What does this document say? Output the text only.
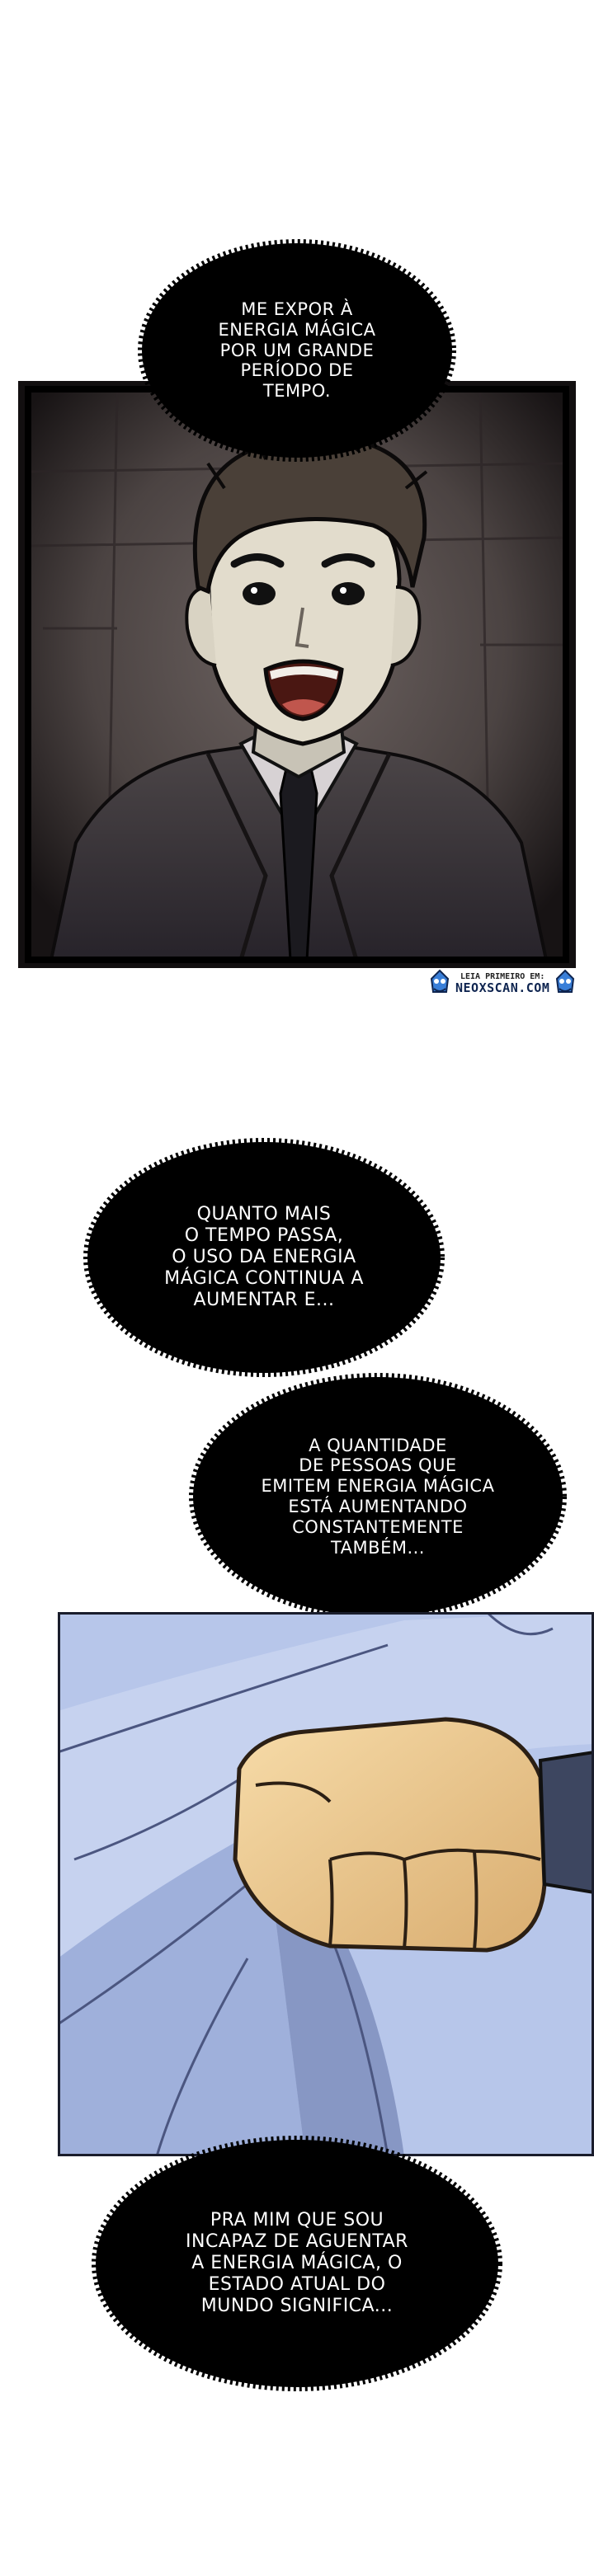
ME EXPOR À
ENERGIA MÁGICA
POR UM GRANDE
PERÍODO DE
TEMPO.
LEIA PRIMEIRO EM:
NEOXSCAN.COM
QUANTO MAIS
O TEMPO PASSA,
O USO DA ENERGIA
MÁGICA CONTINUA A
AUMENTAR E...
A QUANTIDADE
DE PESSOAS QUE
EMITEM ENERGIA MÁGICA
ESTÁ AUMENTANDO
CONSTANTEMENTE
TAMBÉM...
PRA MIM QUE SOU
INCAPAZ DE AGUENTAR
A ENERGIA MÁGICA, O
ESTADO ATUAL DO
MUNDO SIGNIFICA...
